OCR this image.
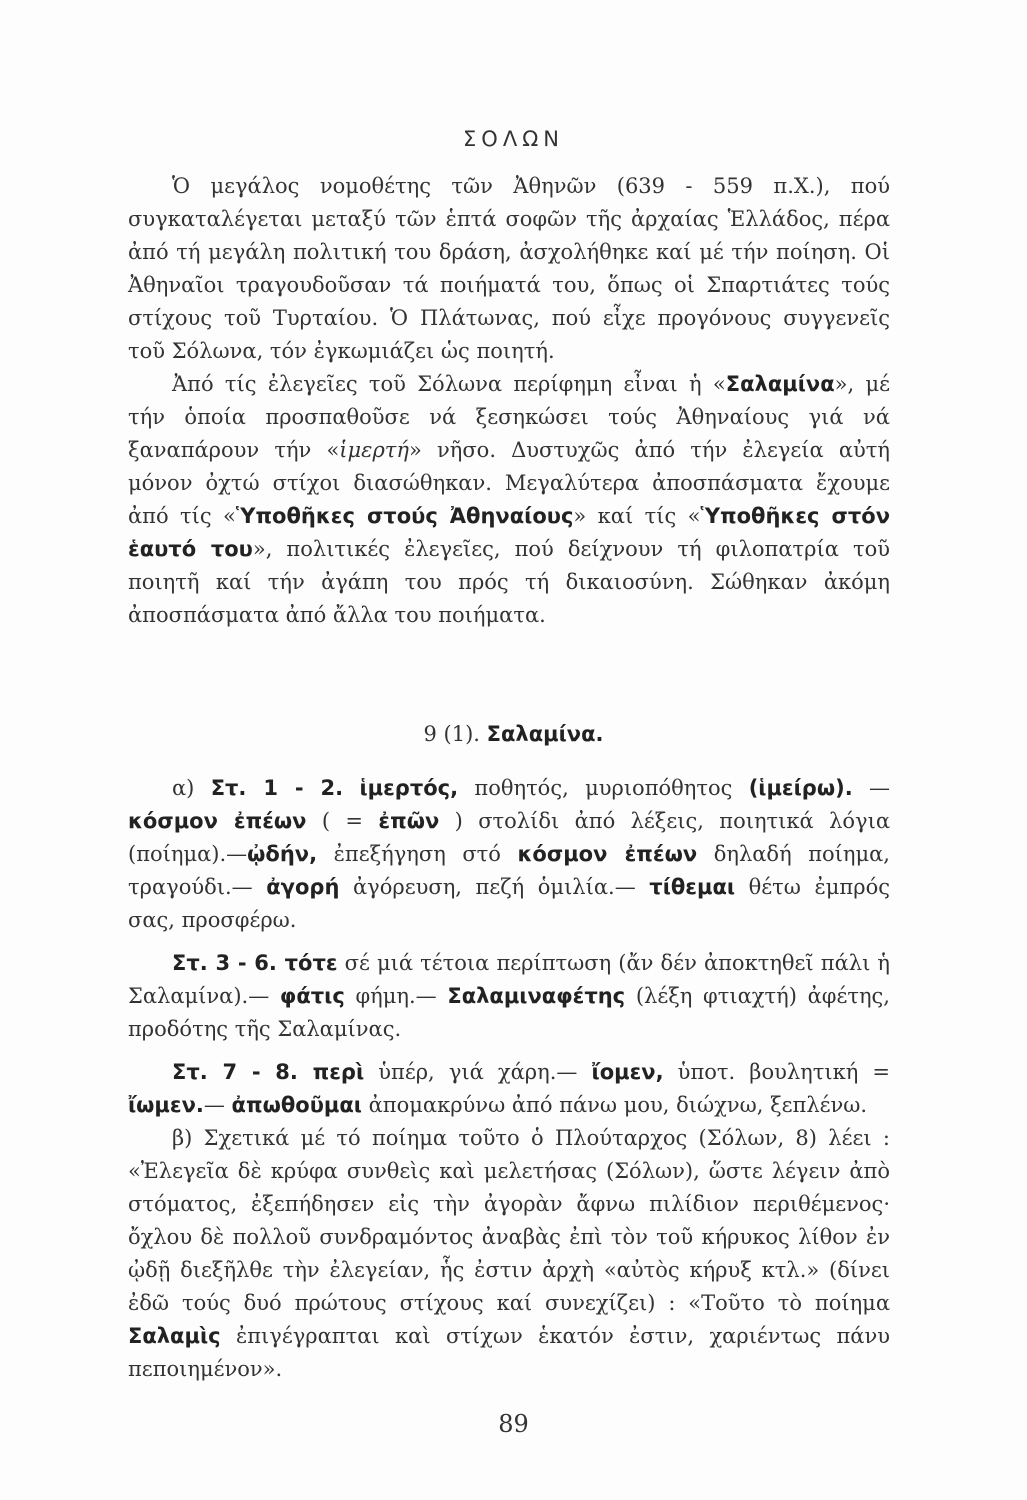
ΣΟΛΩΝ

Ὁ μεγάλος νομοθέτης τῶν Ἀθηνῶν (639 - 559 π.Χ.), πού συγκαταλέγεται μεταξύ τῶν ἑπτά σοφῶν τῆς ἀρχαίας Ἑλλάδος, πέρα ἀπό τή μεγάλη πολιτική του δράση, ἀσχολήθηκε καί μέ τήν ποίηση. Οἱ Ἀθηναῖοι τραγουδοῦσαν τά ποιήματά του, ὅπως οἱ Σπαρτιάτες τούς στίχους τοῦ Τυρταίου. Ὁ Πλάτωνας, πού εἶχε προγόνους συγγενεῖς τοῦ Σόλωνα, τόν ἐγκωμιάζει ὡς ποιητή.

Ἀπό τίς ἐλεγεῖες τοῦ Σόλωνα περίφημη εἶναι ἡ «Σαλαμίνα», μέ τήν ὁποία προσπαθοῦσε νά ξεσηκώσει τούς Ἀθηναίους γιά νά ξαναπάρουν τήν «ἱμερτή» νῆσο. Δυστυχῶς ἀπό τήν ἐλεγεία αὐτή μόνον ὀχτώ στίχοι διασώθηκαν. Μεγαλύτερα ἀποσπάσματα ἔχουμε ἀπό τίς «Ὑποθῆκες στούς Ἀθηναίους» καί τίς «Ὑποθῆκες στόν ἑαυτό του», πολιτικές ἐλεγεῖες, πού δείχνουν τή φιλοπατρία τοῦ ποιητῆ καί τήν ἀγάπη του πρός τή δικαιοσύνη. Σώθηκαν ἀκόμη ἀποσπάσματα ἀπό ἄλλα του ποιήματα.

9 (1). Σαλαμίνα.

α) Στ. 1 - 2. ἱμερτός, ποθητός, μυριοπόθητος (ἱμείρω). — κόσμον ἐπέων ( = ἐπῶν ) στολίδι ἀπό λέξεις, ποιητικά λόγια (ποίημα).—ᾠδήν, ἐπεξήγηση στό κόσμον ἐπέων δηλαδή ποίημα, τραγούδι.— ἀγορή ἀγόρευση, πεζή ὁμιλία.— τίθεμαι θέτω ἐμπρός σας, προσφέρω.

Στ. 3 - 6. τότε σέ μιά τέτοια περίπτωση (ἄν δέν ἀποκτηθεῖ πάλι ἡ Σαλαμίνα).— φάτις φήμη.— Σαλαμιναφέτης (λέξη φτιαχτή) ἀφέτης, προδότης τῆς Σαλαμίνας.

Στ. 7 - 8. περὶ ὑπέρ, γιά χάρη.— ἴομεν, ὑποτ. βουλητική = ἴωμεν.— ἀπωθοῦμαι ἀπομακρύνω ἀπό πάνω μου, διώχνω, ξεπλένω.

β) Σχετικά μέ τό ποίημα τοῦτο ὁ Πλούταρχος (Σόλων, 8) λέει : «Ἐλεγεῖα δὲ κρύφα συνθεὶς καὶ μελετήσας (Σόλων), ὥστε λέγειν ἀπὸ στόματος, ἐξεπήδησεν εἰς τὴν ἀγορὰν ἄφνω πιλίδιον περιθέμενος· ὄχλου δὲ πολλοῦ συνδραμόντος ἀναβὰς ἐπὶ τὸν τοῦ κήρυκος λίθον ἐν ᾠδῇ διεξῆλθε τὴν ἐλεγείαν, ἧς ἐστιν ἀρχὴ «αὐτὸς κήρυξ κτλ.» (δίνει ἐδῶ τούς δυό πρώτους στίχους καί συνεχίζει) : «Τοῦτο τὸ ποίημα Σαλαμὶς ἐπιγέγραπται καὶ στίχων ἑκατόν ἐστιν, χαριέντως πάνυ πεποιημένον».

89
